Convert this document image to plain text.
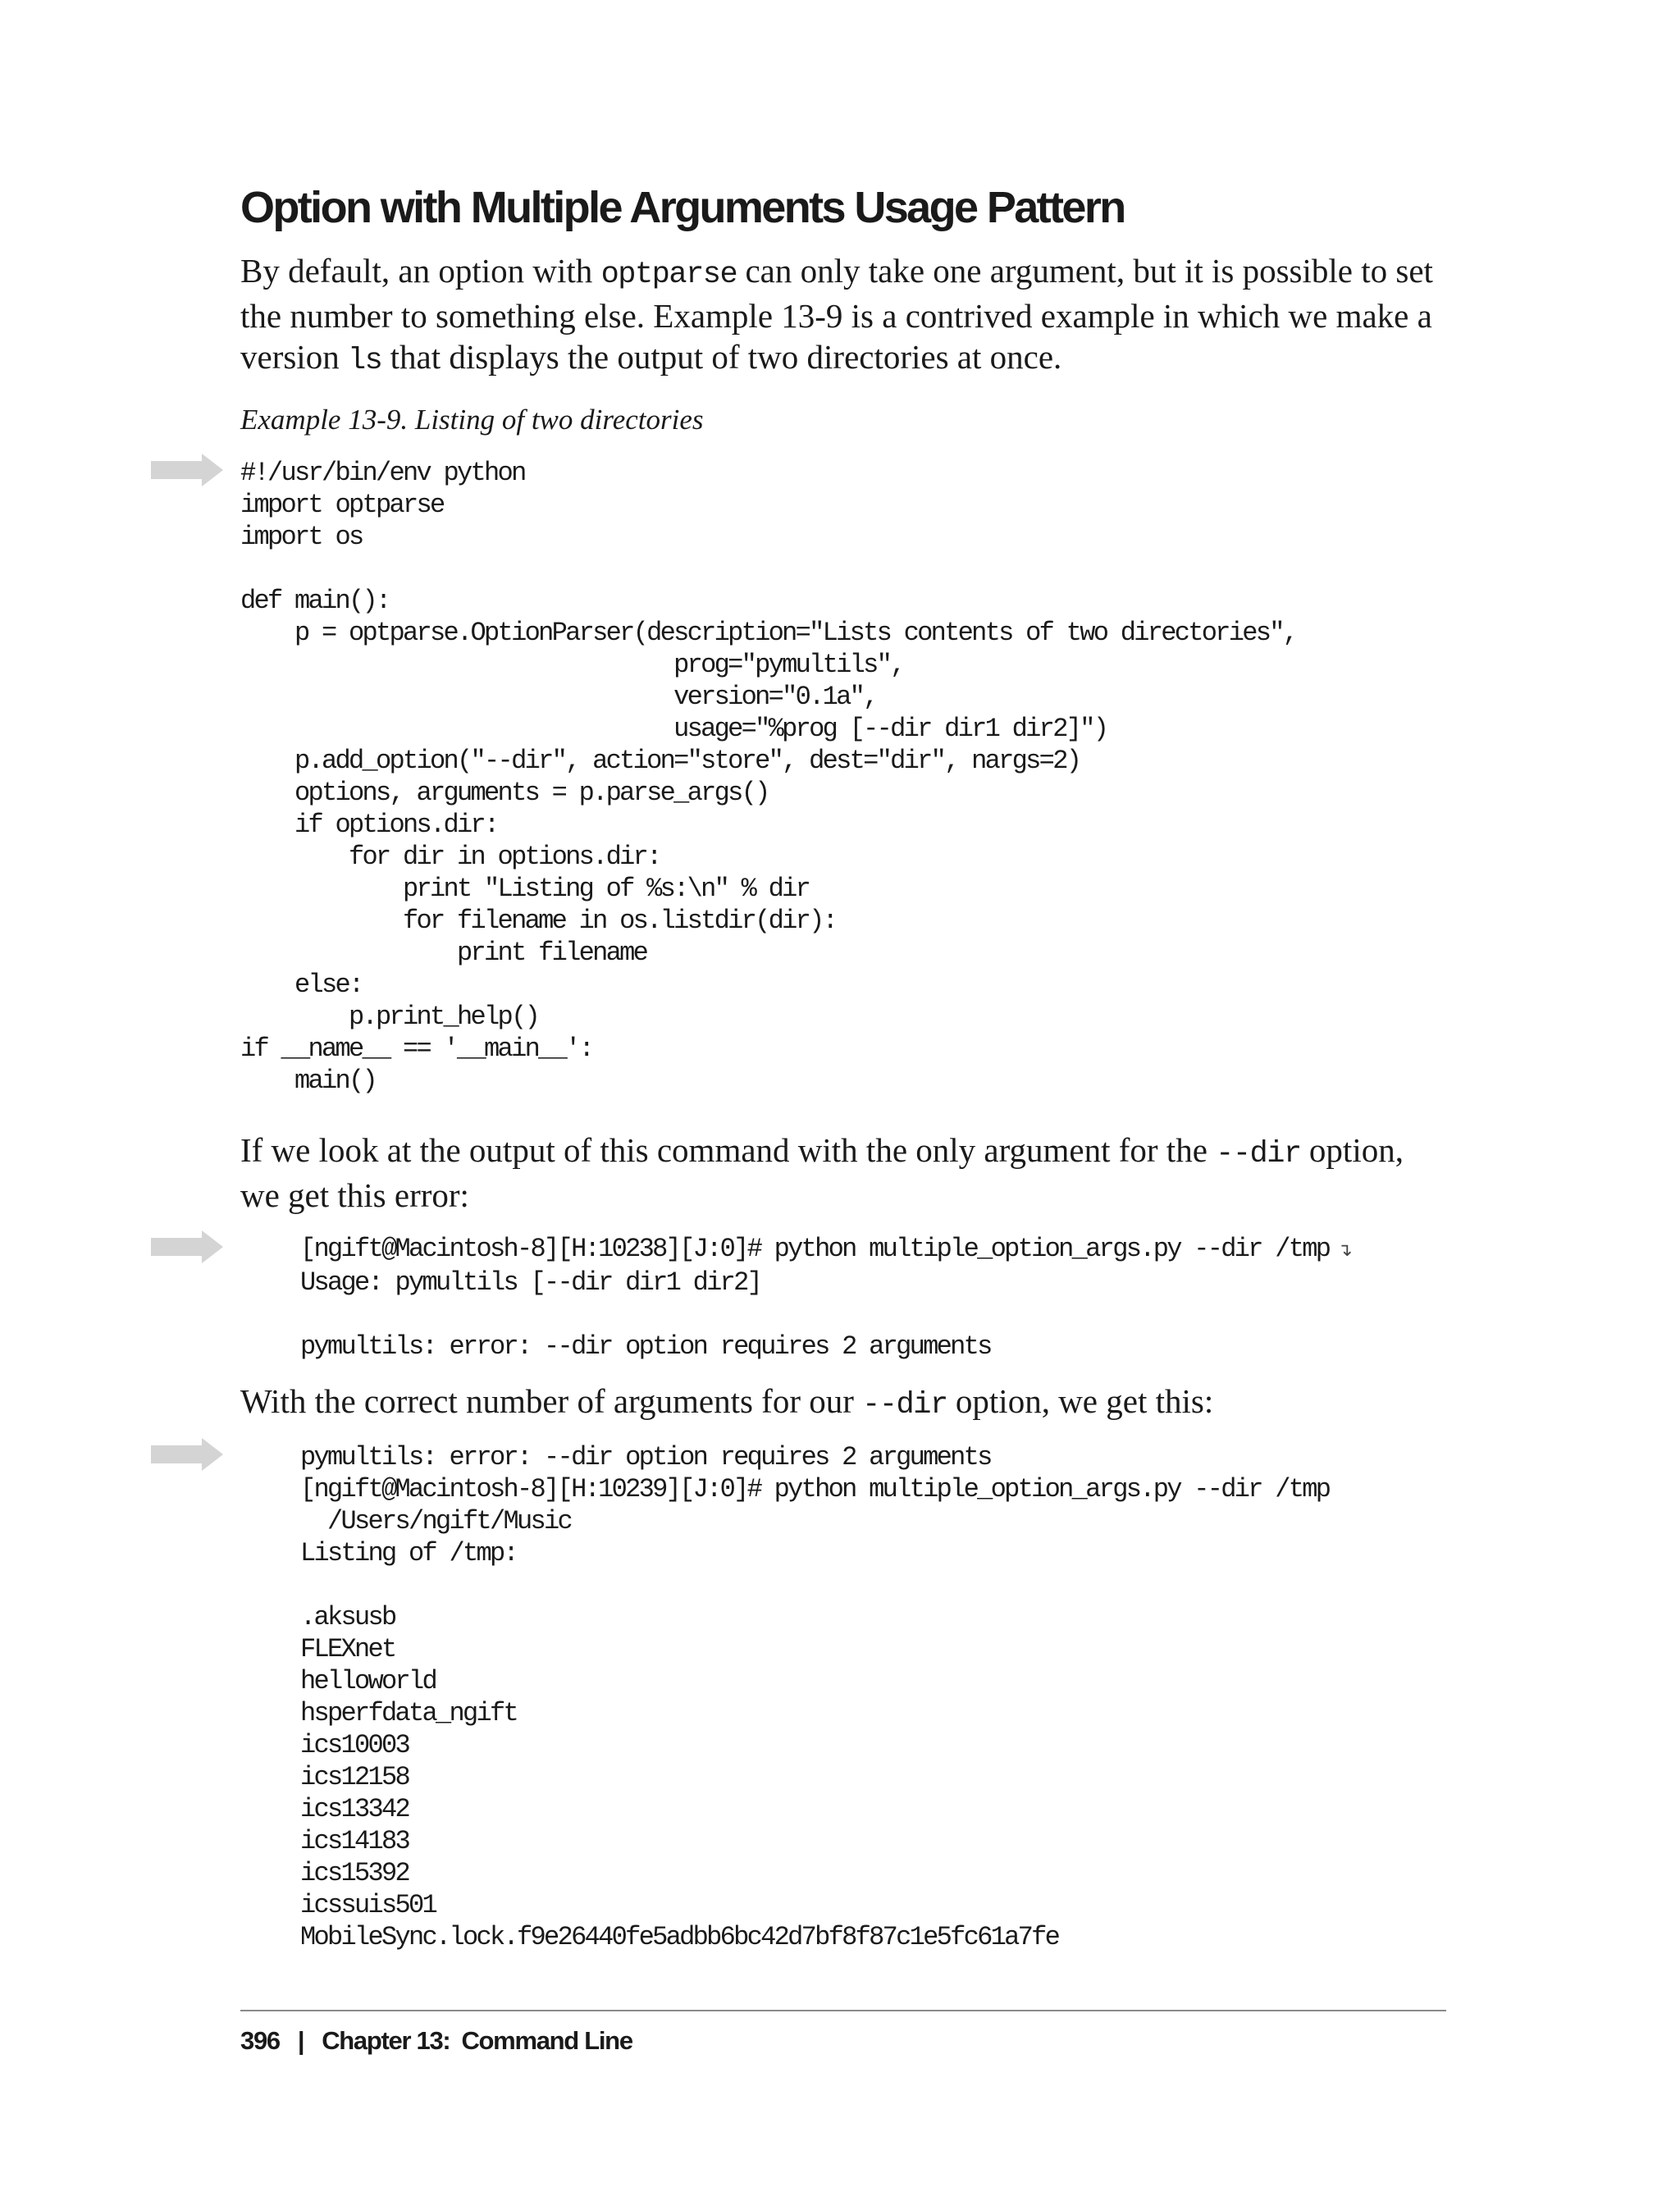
Option with Multiple Arguments Usage Pattern

By default, an option with optparse can only take one argument, but it is possible to set the number to something else. Example 13-9 is a contrived example in which we make a version ls that displays the output of two directories at once.

Example 13-9. Listing of two directories

#!/usr/bin/env python
import optparse
import os

def main():
p = optparse.OptionParser(description="Lists contents of two directories",
prog="pymultils",
version="0.1a",
usage="%prog [--dir dir1 dir2]")
p.add_option("--dir", action="store", dest="dir", nargs=2)
options, arguments = p.parse_args()
if options.dir:
for dir in options.dir:
print "Listing of %s:\n" % dir
for filename in os.listdir(dir):
print filename
else:
p.print_help()
if __name__ == '__main__':
main()

If we look at the output of this command with the only argument for the --dir option, we get this error:

[ngift@Macintosh-8][H:10238][J:0]# python multiple_option_args.py --dir /tmp ↴
Usage: pymultils [--dir dir1 dir2]

pymultils: error: --dir option requires 2 arguments

With the correct number of arguments for our --dir option, we get this:

pymultils: error: --dir option requires 2 arguments
[ngift@Macintosh-8][H:10239][J:0]# python multiple_option_args.py --dir /tmp
/Users/ngift/Music
Listing of /tmp:

.aksusb
FLEXnet
helloworld
hsperfdata_ngift
ics10003
ics12158
ics13342
ics14183
ics15392
icssuis501
MobileSync.lock.f9e26440fe5adbb6bc42d7bf8f87c1e5fc61a7fe
396 | Chapter 13: Command Line
